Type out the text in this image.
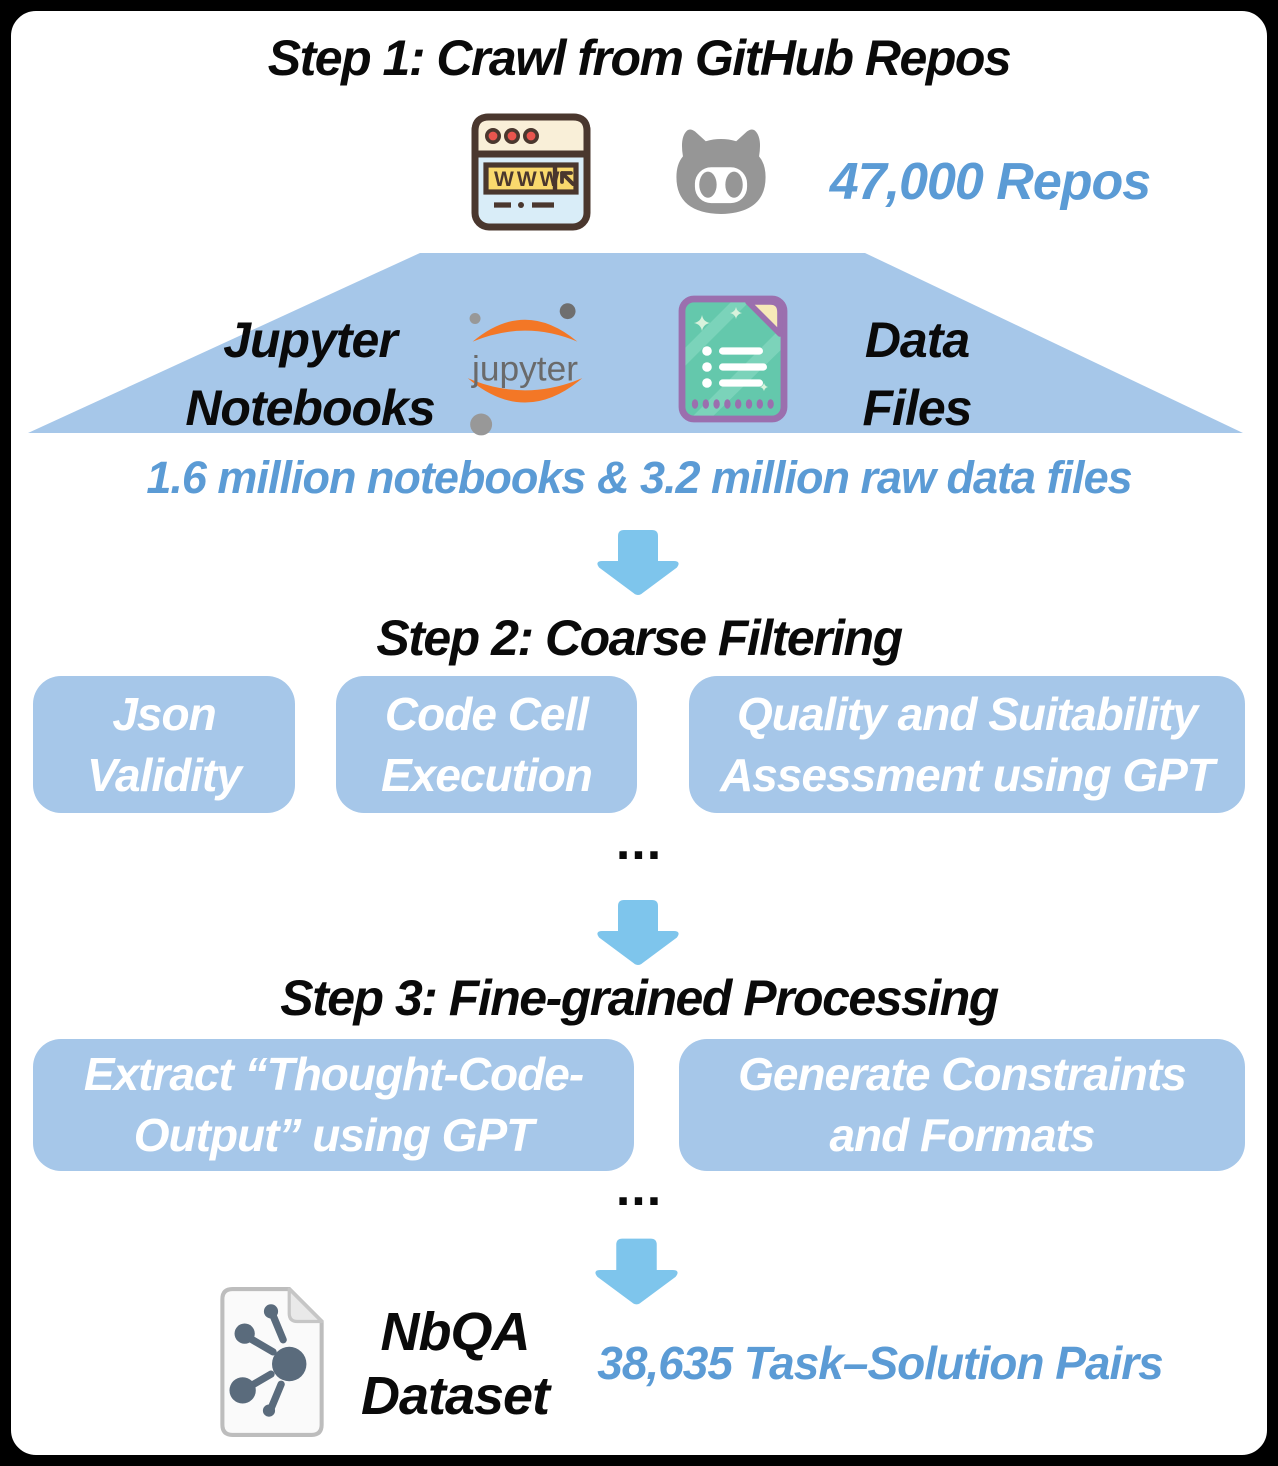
Step 1: Crawl from GitHub Repos
WWW	47,000 Repos
Jupyter
Notebooks
jupyter
Data
Files
1.6 million notebooks & 3.2 million raw data files
Step 2: Coarse Filtering
Json
Validity
Code Cell
Execution
Quality and Suitability
Assessment using GPT
...
Step 3: Fine-grained Processing
Extract “Thought-Code-
Output” using GPT
Generate Constraints
and Formats
...
NbQA
Dataset
38,635 Task–Solution Pairs
